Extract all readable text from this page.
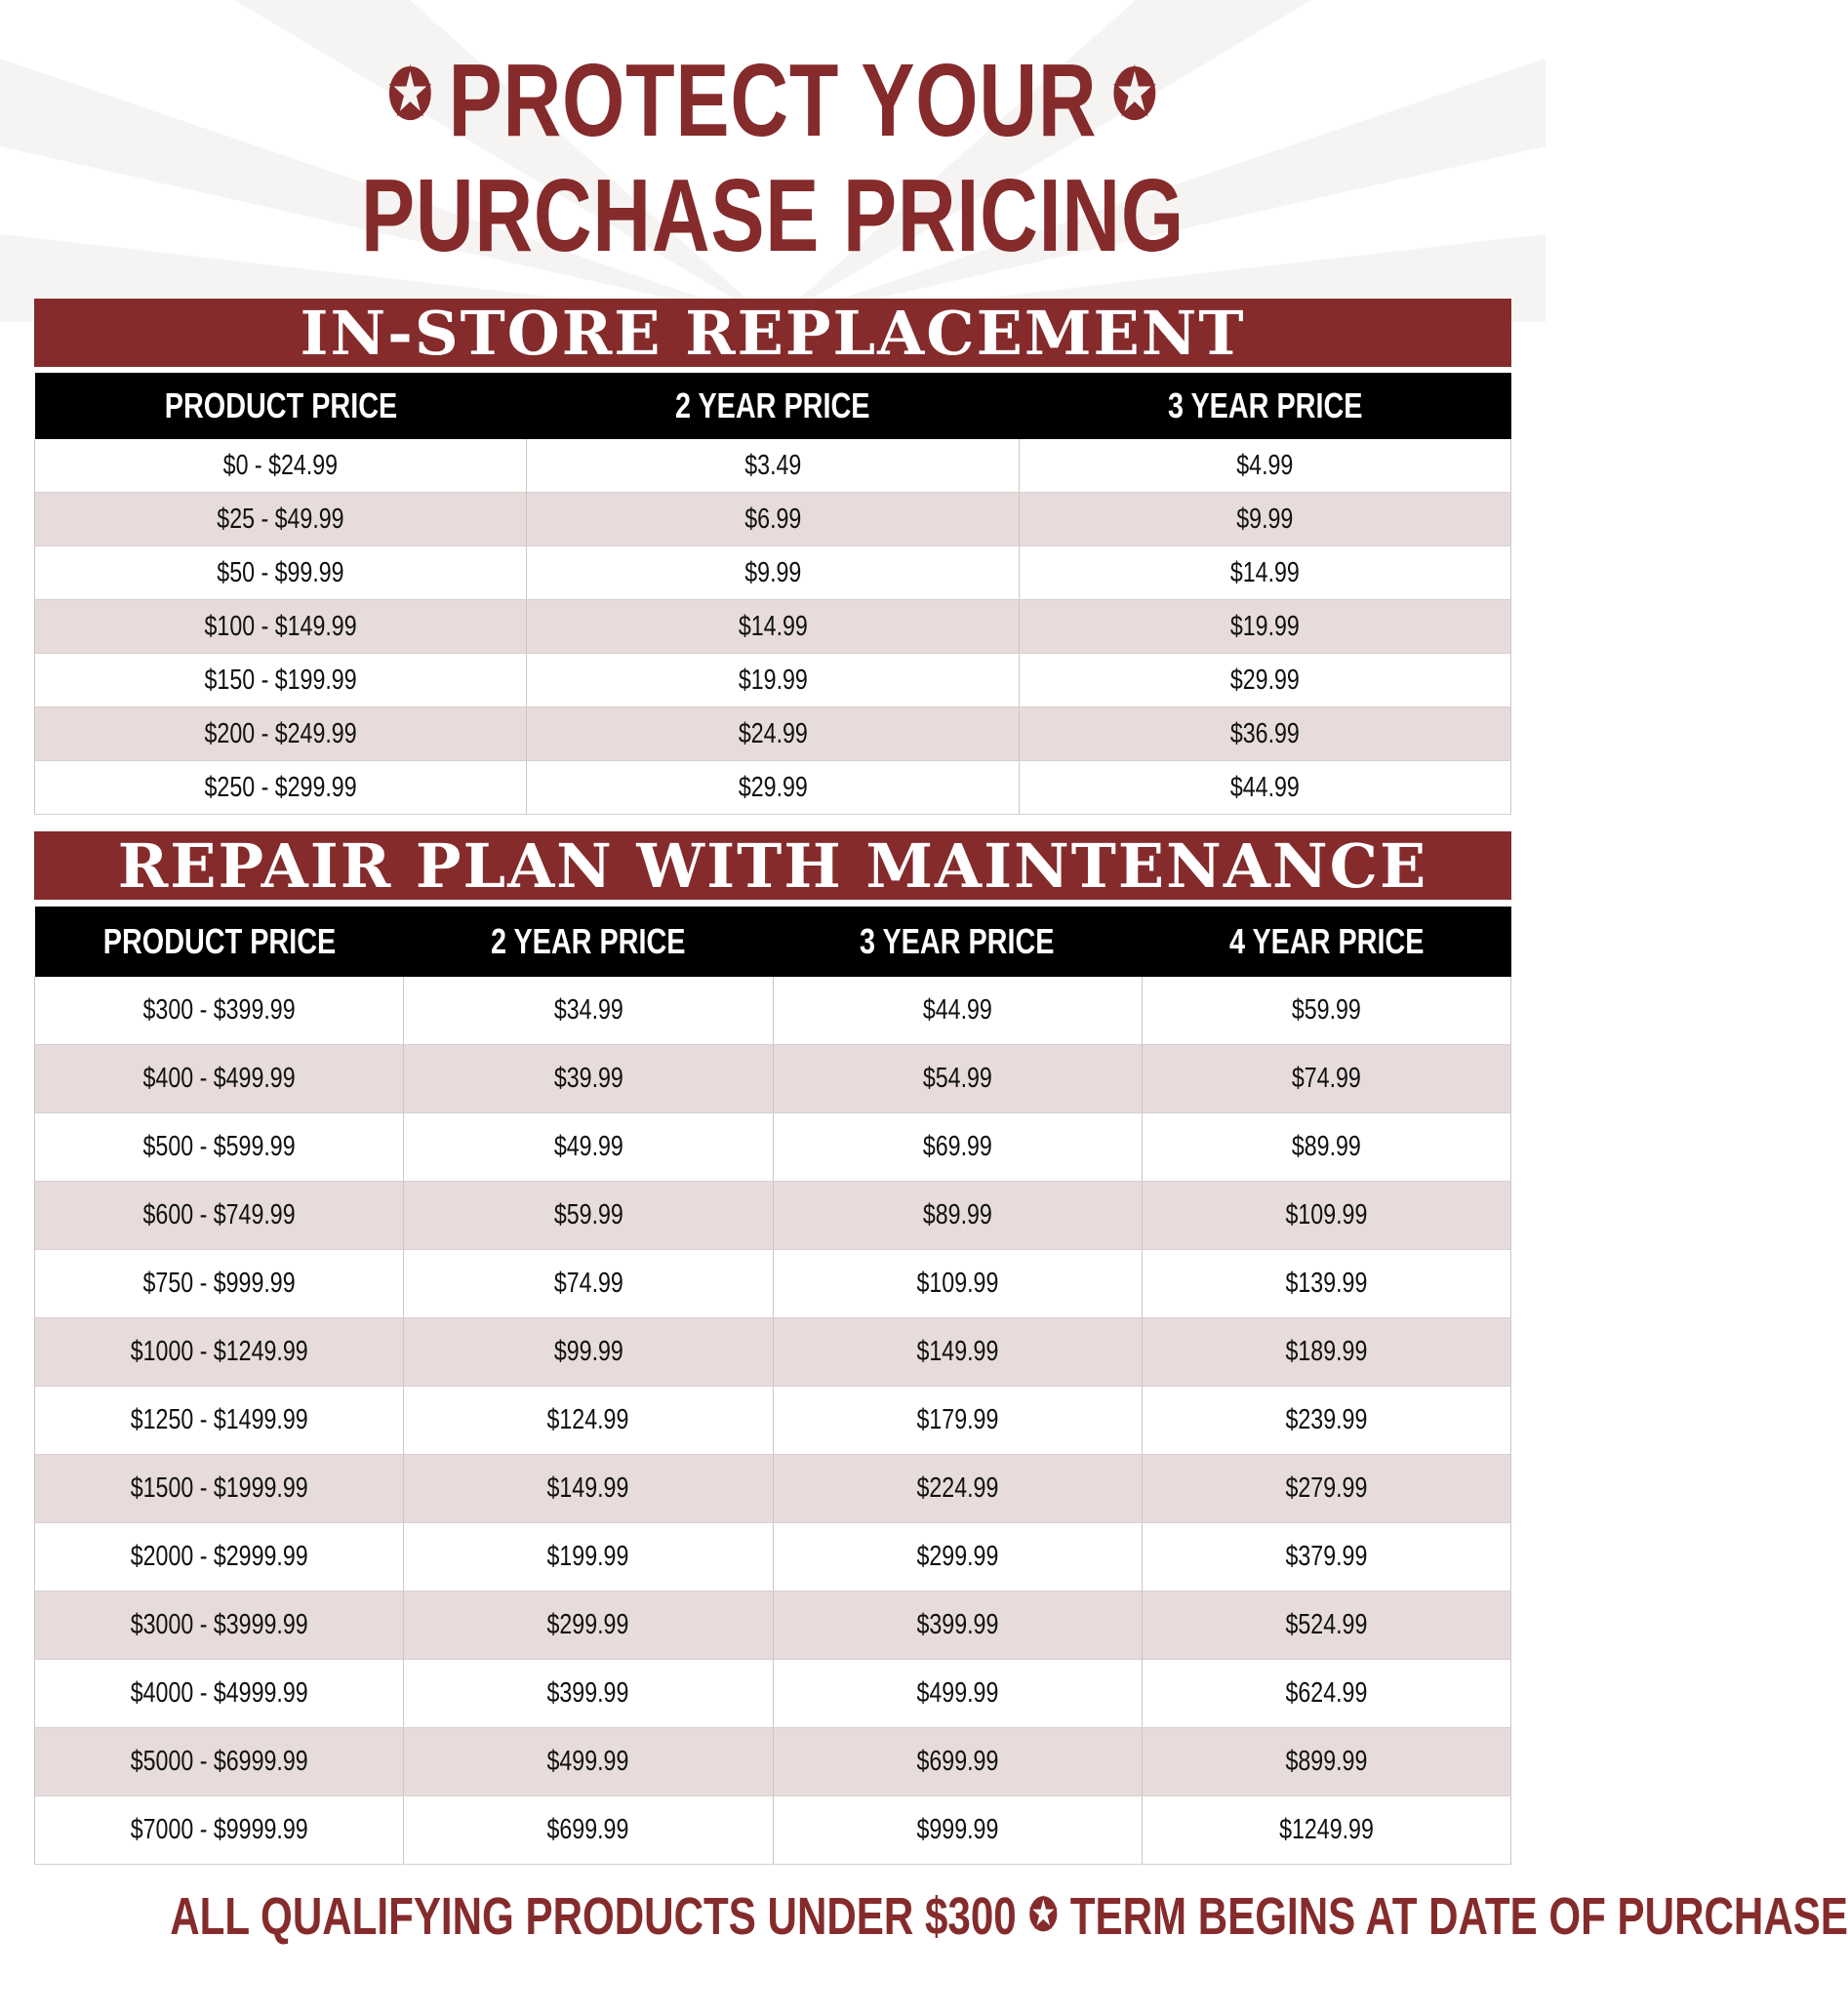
✪ PROTECT YOUR ✪
PURCHASE PRICING
IN-STORE REPLACEMENT
PRODUCT PRICE	2 YEAR PRICE	3 YEAR PRICE
$0 - $24.99	$3.49	$4.99
$25 - $49.99	$6.99	$9.99
$50 - $99.99	$9.99	$14.99
$100 - $149.99	$14.99	$19.99
$150 - $199.99	$19.99	$29.99
$200 - $249.99	$24.99	$36.99
$250 - $299.99	$29.99	$44.99
REPAIR PLAN WITH MAINTENANCE
PRODUCT PRICE	2 YEAR PRICE	3 YEAR PRICE	4 YEAR PRICE
$300 - $399.99	$34.99	$44.99	$59.99
$400 - $499.99	$39.99	$54.99	$74.99
$500 - $599.99	$49.99	$69.99	$89.99
$600 - $749.99	$59.99	$89.99	$109.99
$750 - $999.99	$74.99	$109.99	$139.99
$1000 - $1249.99	$99.99	$149.99	$189.99
$1250 - $1499.99	$124.99	$179.99	$239.99
$1500 - $1999.99	$149.99	$224.99	$279.99
$2000 - $2999.99	$199.99	$299.99	$379.99
$3000 - $3999.99	$299.99	$399.99	$524.99
$4000 - $4999.99	$399.99	$499.99	$624.99
$5000 - $6999.99	$499.99	$699.99	$899.99
$7000 - $9999.99	$699.99	$999.99	$1249.99
ALL QUALIFYING PRODUCTS UNDER $300 ✪ TERM BEGINS AT DATE OF PURCHASE
